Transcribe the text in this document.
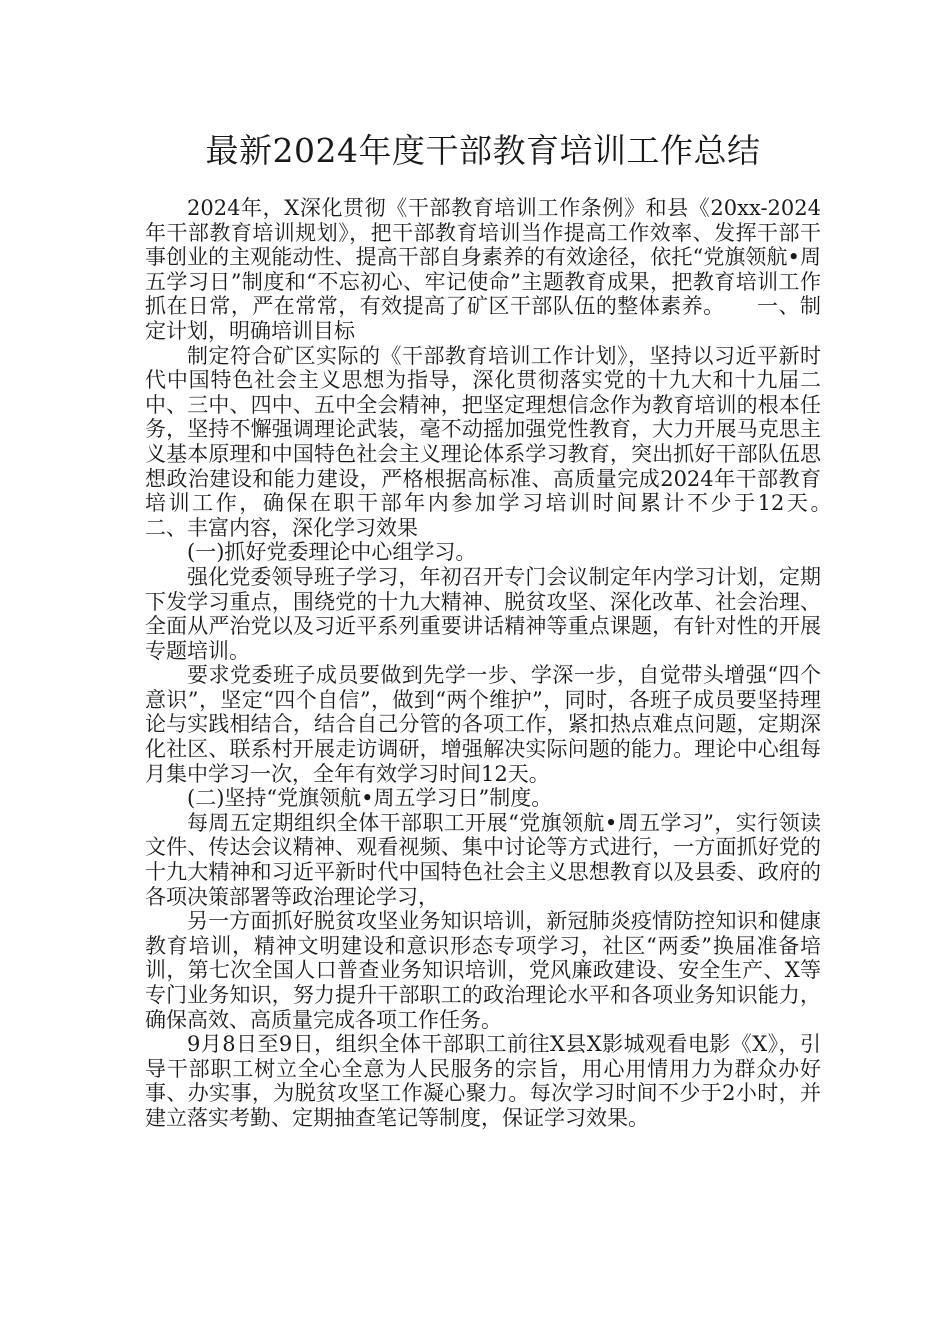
最新2024年度干部教育培训工作总结

2024年，X深化贯彻《干部教育培训工作条例》和县《20xx-2024年干部教育培训规划》，把干部教育培训当作提高工作效率、发挥干部干事创业的主观能动性、提高干部自身素养的有效途径，依托“党旗领航•周五学习日”制度和“不忘初心、牢记使命”主题教育成果，把教育培训工作抓在日常，严在常常，有效提高了矿区干部队伍的整体素养。　　一、制定计划，明确培训目标

制定符合矿区实际的《干部教育培训工作计划》，坚持以习近平新时代中国特色社会主义思想为指导，深化贯彻落实党的十九大和十九届二中、三中、四中、五中全会精神，把坚定理想信念作为教育培训的根本任务，坚持不懈强调理论武装，毫不动摇加强党性教育，大力开展马克思主义基本原理和中国特色社会主义理论体系学习教育，突出抓好干部队伍思想政治建设和能力建设，严格根据高标准、高质量完成2024年干部教育培训工作，确保在职干部年内参加学习培训时间累计不少于12天。　　二、丰富内容，深化学习效果

(一)抓好党委理论中心组学习。

强化党委领导班子学习，年初召开专门会议制定年内学习计划，定期下发学习重点，围绕党的十九大精神、脱贫攻坚、深化改革、社会治理、全面从严治党以及习近平系列重要讲话精神等重点课题，有针对性的开展专题培训。

要求党委班子成员要做到先学一步、学深一步，自觉带头增强“四个意识”，坚定“四个自信”，做到“两个维护”，同时，各班子成员要坚持理论与实践相结合，结合自己分管的各项工作，紧扣热点难点问题，定期深化社区、联系村开展走访调研，增强解决实际问题的能力。理论中心组每月集中学习一次，全年有效学习时间12天。

(二)坚持“党旗领航•周五学习日”制度。

每周五定期组织全体干部职工开展“党旗领航•周五学习”，实行领读文件、传达会议精神、观看视频、集中讨论等方式进行，一方面抓好党的十九大精神和习近平新时代中国特色社会主义思想教育以及县委、政府的各项决策部署等政治理论学习，

另一方面抓好脱贫攻坚业务知识培训，新冠肺炎疫情防控知识和健康教育培训，精神文明建设和意识形态专项学习，社区“两委”换届准备培训，第七次全国人口普查业务知识培训，党风廉政建设、安全生产、X等专门业务知识，努力提升干部职工的政治理论水平和各项业务知识能力，确保高效、高质量完成各项工作任务。

9月8日至9日，组织全体干部职工前往X县X影城观看电影《X》，引导干部职工树立全心全意为人民服务的宗旨，用心用情用力为群众办好事、办实事，为脱贫攻坚工作凝心聚力。每次学习时间不少于2小时，并建立落实考勤、定期抽查笔记等制度，保证学习效果。
